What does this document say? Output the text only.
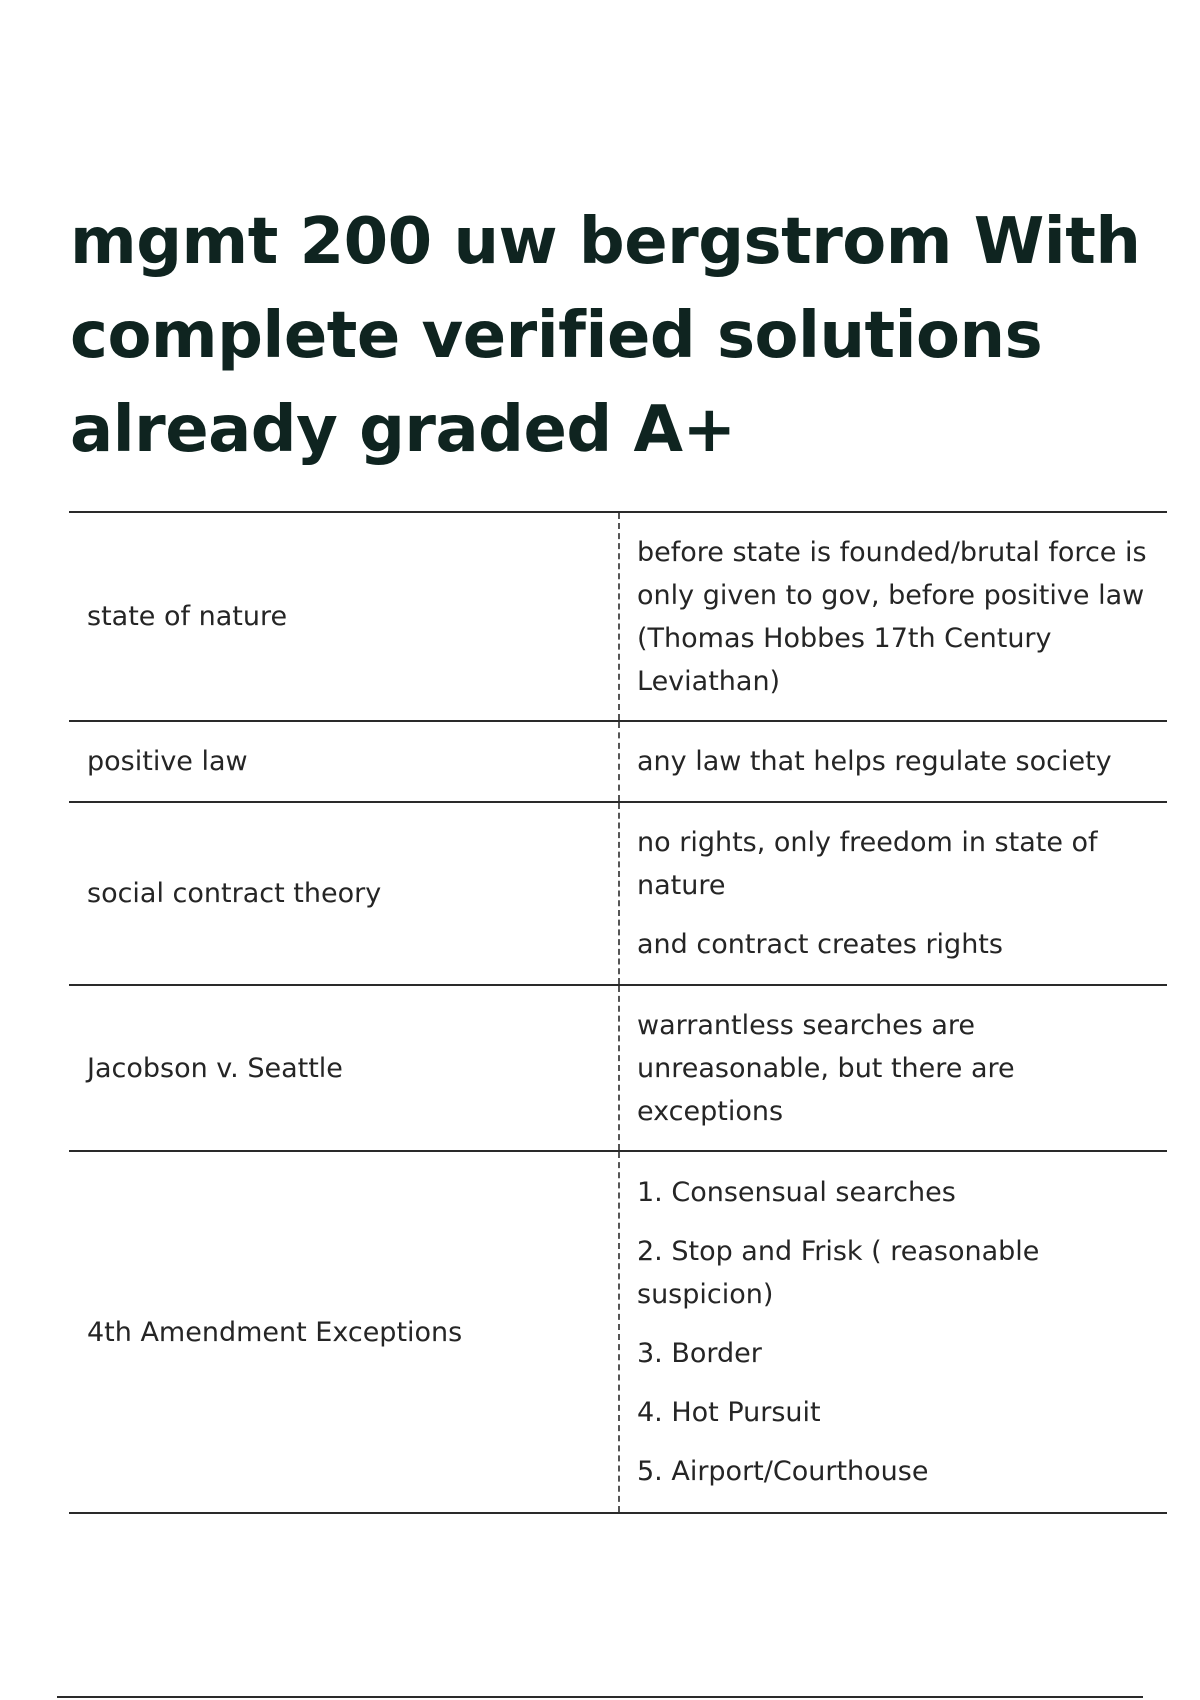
mgmt 200 uw bergstrom With complete verified solutions already graded A+
state of nature	before state is founded/brutal force is only given to gov, before positive law (Thomas Hobbes 17th Century Leviathan)

positive law	any law that helps regulate society

social contract theory	no rights, only freedom in state of nature

and contract creates rights

Jacobson v. Seattle	warrantless searches are unreasonable, but there are exceptions

4th Amendment Exceptions	1. Consensual searches

2. Stop and Frisk ( reasonable suspicion)

3. Border

4. Hot Pursuit

5. Airport/Courthouse
